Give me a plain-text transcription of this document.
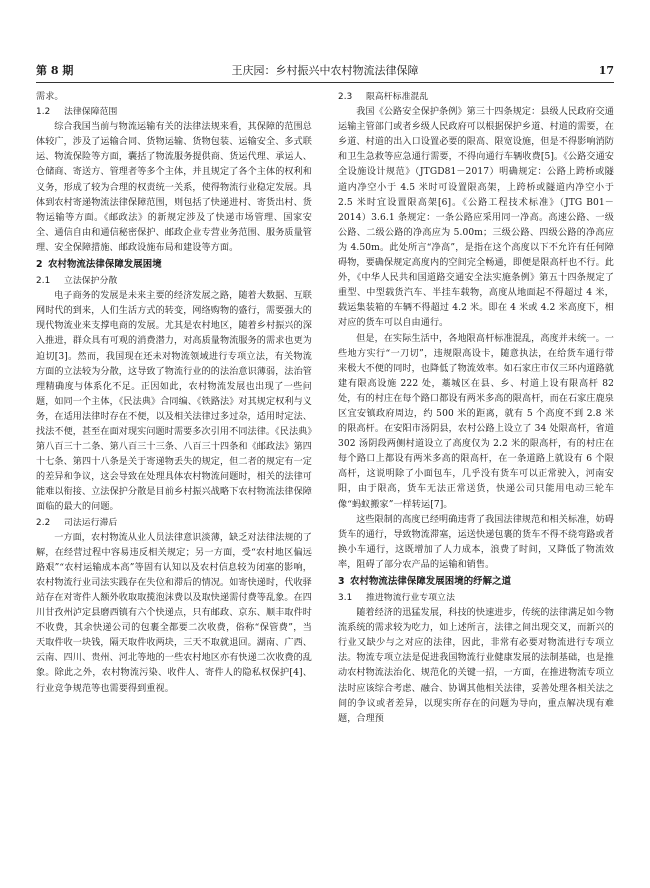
第 8 期	王庆园：乡村振兴中农村物流法律保障	17

需求。

1.2 法律保障范围

综合我国当前与物流运输有关的法律法规来看，其保障的范围总体较广，涉及了运输合同、货物运输、货物包装、运输安全、多式联运、物流保险等方面，囊括了物流服务提供商、货运代理、承运人、仓储商、寄送方、管理者等多个主体，并且规定了各个主体的权利和义务，形成了较为合理的权责统一关系，使得物流行业稳定发展。具体到农村寄递物流法律保障范围，则包括了快递进村、寄货出村、货物运输等方面。《邮政法》的新规定涉及了快递市场管理、国家安全、通信自由和通信秘密保护、邮政企业专营业务范围、服务质量管理、安全保障措施、邮政设施布局和建设等方面。

2 农村物流法律保障发展困境
2.1 立法保护分散

电子商务的发展是未来主要的经济发展之路，随着大数据、互联网时代的到来，人们生活方式的转变，网络购物的盛行，需要强大的现代物流业来支撑电商的发展。尤其是农村地区，随着乡村振兴的深入推进，群众具有可观的消费潜力，对高质量物流服务的需求也更为迫切[3]。然而，我国现在还未对物流领域进行专项立法，有关物流方面的立法较为分散，这导致了物流行业的的法治意识薄弱，法治管理精确度与体系化不足。正因如此，农村物流发展也出现了一些问题，如同一个主体，《民法典》合同编、《铁路法》对其规定权利与义务，在适用法律时存在不便，以及相关法律过多过杂，适用时定法、找法不便，甚至在面对现实问题时需要多次引用不同法律。《民法典》第八百三十二条、第八百三十三条、八百三十四条和《邮政法》第四十七条、第四十八条是关于寄递物丢失的规定，但二者的规定有一定的差异和争议，这会导致在处理具体农村物流问题时，相关的法律可能难以衔接、立法保护分散是目前乡村振兴战略下农村物流法律保障面临的最大的问题。

2.2 司法运行滞后

一方面，农村物流从业人员法律意识淡薄，缺乏对法律法规的了解，在经营过程中容易违反相关规定；另一方面，受“农村地区偏远路艰”“农村运输成本高”等固有认知以及农村信息较为闭塞的影响，农村物流行业司法实践存在失位和滞后的情况。如寄快递时，代收驿站存在对寄件人额外收取取揽泡沫费以及取快递需付费等乱象。在四川甘孜州泸定县磨西镇有六个快递点，只有邮政、京东、顺丰取件时不收费，其余快递公司的包裹全都要二次收费，俗称“保管费”，当天取件收一块钱，隔天取件收两块，三天不取就退回。湖南、广西、云南、四川、贵州、河北等地的一些农村地区亦有快递二次收费的乱象。除此之外，农村物流污染、收件人、寄件人的隐私权保护[4]、行业竞争规范等也需要得到重视。

2.3 限高杆标准混乱

我国《公路安全保护条例》第三十四条规定：县级人民政府交通运输主管部门或者乡级人民政府可以根据保护乡道、村道的需要，在乡道、村道的出入口设置必要的限高、限宽设施，但是不得影响消防和卫生急救等应急通行需要，不得向通行车辆收费[5]。《公路交通安全设施设计规范》（JTGD81－2017）明确规定：公路上跨桥或隧道内净空小于 4.5 米时可设置限高架，上跨桥或隧道内净空小于 2.5 米时宜设置限高架[6]。《公路工程技术标准》（JTG B01－2014）3.6.1 条规定：一条公路应采用同一净高。高速公路、一级公路、二级公路的净高应为 5.00m；三级公路、四级公路的净高应为 4.50m。此处所言“净高”，是指在这个高度以下不允许有任何障碍物，要确保规定高度内的空间完全畅通，即便是限高杆也不行。此外，《中华人民共和国道路交通安全法实施条例》第五十四条规定了重型、中型载货汽车、半挂车载物，高度从地面起不得超过 4 米，载运集装箱的车辆不得超过 4.2 米。即在 4 米或 4.2 米高度下，相对应的货车可以自由通行。

但是，在实际生活中，各地限高杆标准混乱，高度并未统一。一些地方实行“一刀切”，违规限高设卡，随意执法，在给货车通行带来极大不便的同时，也降低了物流效率。如石家庄市仅三环内道路就建有限高设施 222 处，藁城区在县、乡、村道上设有限高杆 82 处，有的村庄在每个路口都设有两米多高的限高杆，而在石家庄鹿泉区宜安镇政府周边，约 500 米的距离，就有 5 个高度不到 2.8 米的限高杆。在安阳市汤阴县，农村公路上设立了 34 处限高杆，省道 302 汤阴段两侧村道设立了高度仅为 2.2 米的限高杆，有的村庄在每个路口上都设有两米多高的限高杆，在一条道路上就设有 6 个限高杆，这说明除了小面包车，几乎没有货车可以正常驶入，河南安阳，由于限高，货车无法正常送货，快递公司只能用电动三轮车像“蚂蚁搬家”一样转运[7]。

这些限制的高度已经明确违背了我国法律规范和相关标准，妨碍货车的通行，导致物流滞塞，运送快递包裹的货车不得不绕弯路或者换小车通行，这既增加了人力成本，浪费了时间，又降低了物流效率，阻碍了部分农产品的运输和销售。

3 农村物流法律保障发展困境的纾解之道
3.1 推进物流行业专项立法

随着经济的迅猛发展，科技的快速进步，传统的法律满足如今物流系统的需求较为吃力，如上述所言，法律之间出现交叉，而新兴的行业又缺少与之对应的法律，因此，非常有必要对物流进行专项立法。物流专项立法是促进我国物流行业健康发展的法制基础，也是推动农村物流法治化、规范化的关键一招，一方面，在推进物流专项立法时应该综合考虑、融合、协调其他相关法律，妥善处理各相关法之间的争议或者差异，以现实所存在的问题为导向，重点解决现有难题，合理预
